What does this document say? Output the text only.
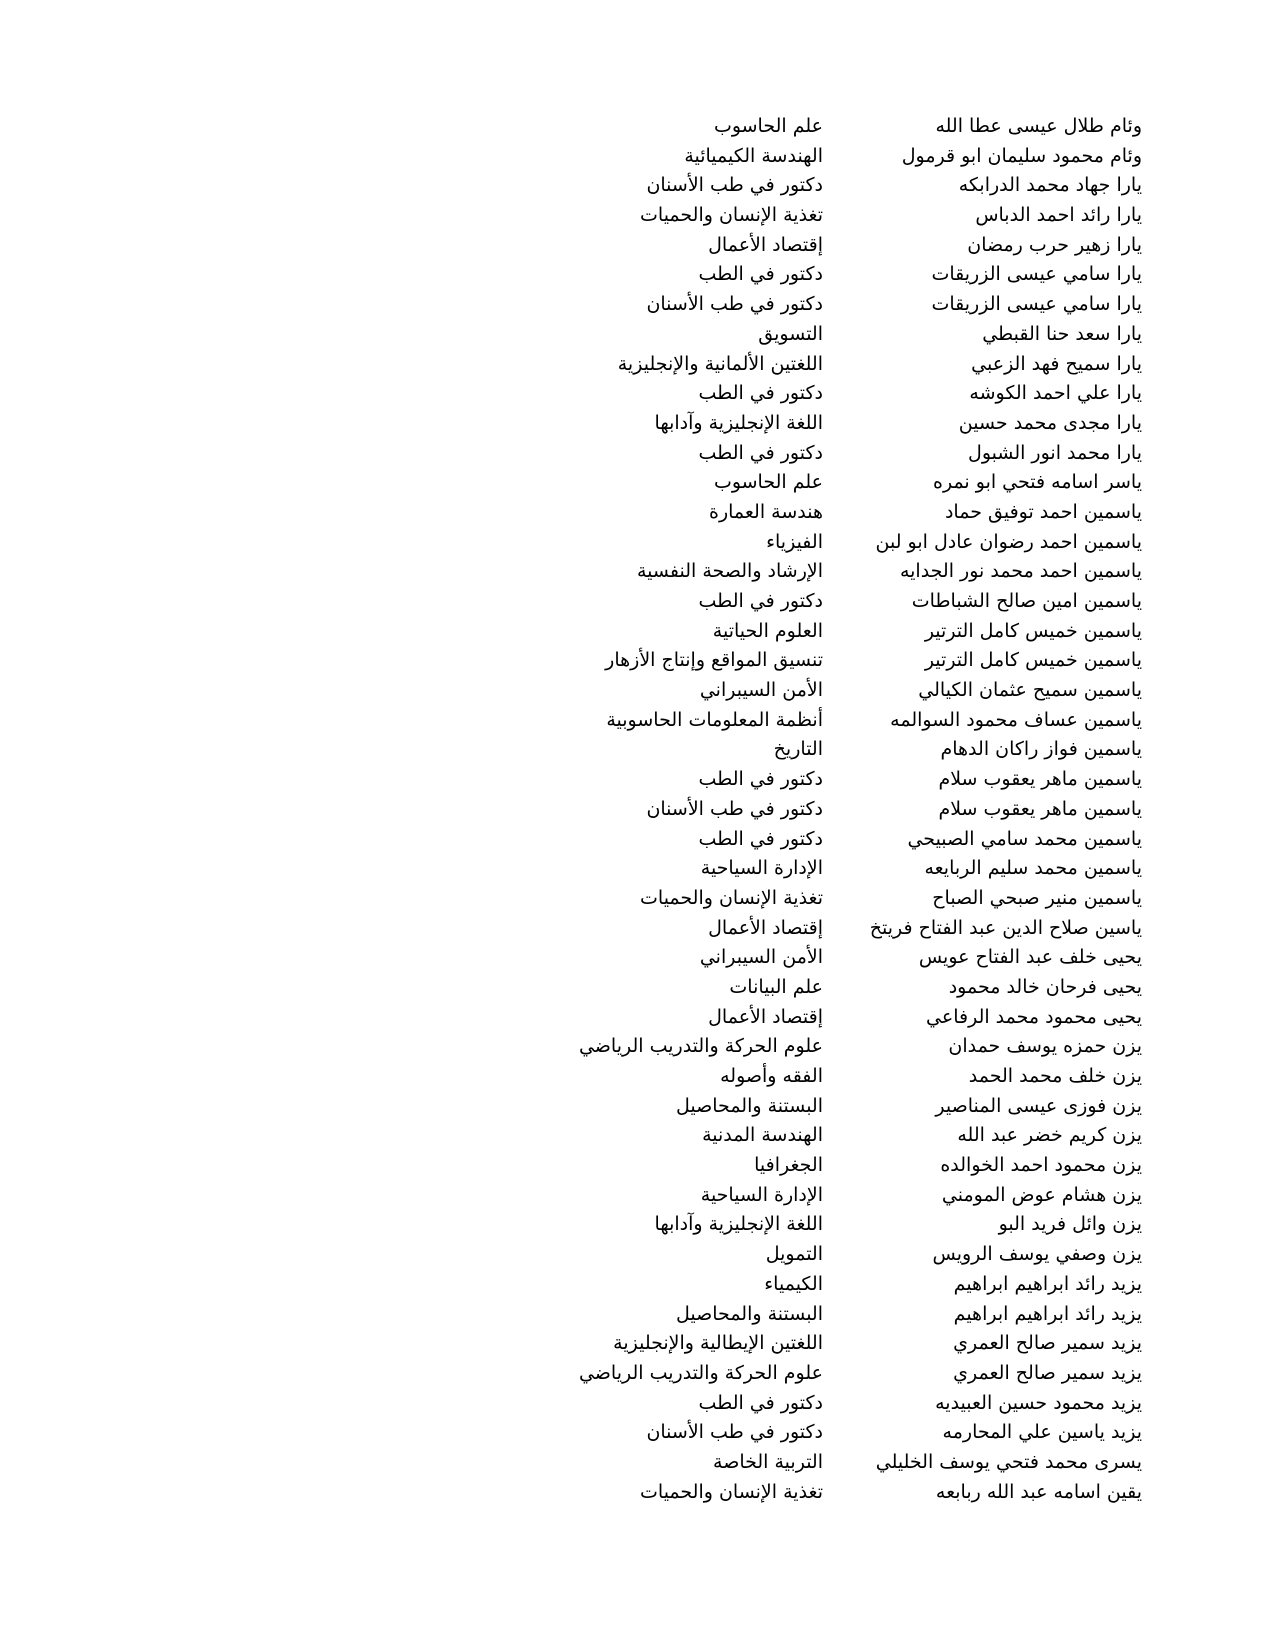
وئام طلال عيسى عطا الله
علم الحاسوب
وئام محمود سليمان ابو قرمول
الهندسة الكيميائية
يارا جهاد محمد الدرابكه
دكتور في طب الأسنان
يارا رائد احمد الدباس
تغذية الإنسان والحميات
يارا زهير حرب رمضان
إقتصاد الأعمال
يارا سامي عيسى الزريقات
دكتور في الطب
يارا سامي عيسى الزريقات
دكتور في طب الأسنان
يارا سعد حنا القبطي
التسويق
يارا سميح فهد الزعبي
اللغتين الألمانية والإنجليزية
يارا علي احمد الكوشه
دكتور في الطب
يارا مجدى محمد حسين
اللغة الإنجليزية وآدابها
يارا محمد انور الشبول
دكتور في الطب
ياسر اسامه فتحي ابو نمره
علم الحاسوب
ياسمين احمد توفيق حماد
هندسة العمارة
ياسمين احمد رضوان عادل ابو لبن
الفيزياء
ياسمين احمد محمد نور الجدايه
الإرشاد والصحة النفسية
ياسمين امين صالح الشباطات
دكتور في الطب
ياسمين خميس كامل الترتير
العلوم الحياتية
ياسمين خميس كامل الترتير
تنسيق المواقع وإنتاج الأزهار
ياسمين سميح عثمان الكيالي
الأمن السيبراني
ياسمين عساف محمود السوالمه
أنظمة المعلومات الحاسوبية
ياسمين فواز راكان الدهام
التاريخ
ياسمين ماهر يعقوب سلام
دكتور في الطب
ياسمين ماهر يعقوب سلام
دكتور في طب الأسنان
ياسمين محمد سامي الصبيحي
دكتور في الطب
ياسمين محمد سليم الربايعه
الإدارة السياحية
ياسمين منير صبحي الصباح
تغذية الإنسان والحميات
ياسين صلاح الدين عبد الفتاح فريتخ
إقتصاد الأعمال
يحيى خلف عبد الفتاح عويس
الأمن السيبراني
يحيى فرحان خالد محمود
علم البيانات
يحيى محمود محمد الرفاعي
إقتصاد الأعمال
يزن حمزه يوسف حمدان
علوم الحركة والتدريب الرياضي
يزن خلف محمد الحمد
الفقه وأصوله
يزن فوزى عيسى المناصير
البستنة والمحاصيل
يزن كريم خضر عبد الله
الهندسة المدنية
يزن محمود احمد الخوالده
الجغرافيا
يزن هشام عوض المومني
الإدارة السياحية
يزن وائل فريد البو
اللغة الإنجليزية وآدابها
يزن وصفي يوسف الرويس
التمويل
يزيد رائد ابراهيم ابراهيم
الكيمياء
يزيد رائد ابراهيم ابراهيم
البستنة والمحاصيل
يزيد سمير صالح العمري
اللغتين الإيطالية والإنجليزية
يزيد سمير صالح العمري
علوم الحركة والتدريب الرياضي
يزيد محمود حسين العبيديه
دكتور في الطب
يزيد ياسين علي المحارمه
دكتور في طب الأسنان
يسرى محمد فتحي يوسف الخليلي
التربية الخاصة
يقين اسامه عبد الله ربابعه
تغذية الإنسان والحميات
